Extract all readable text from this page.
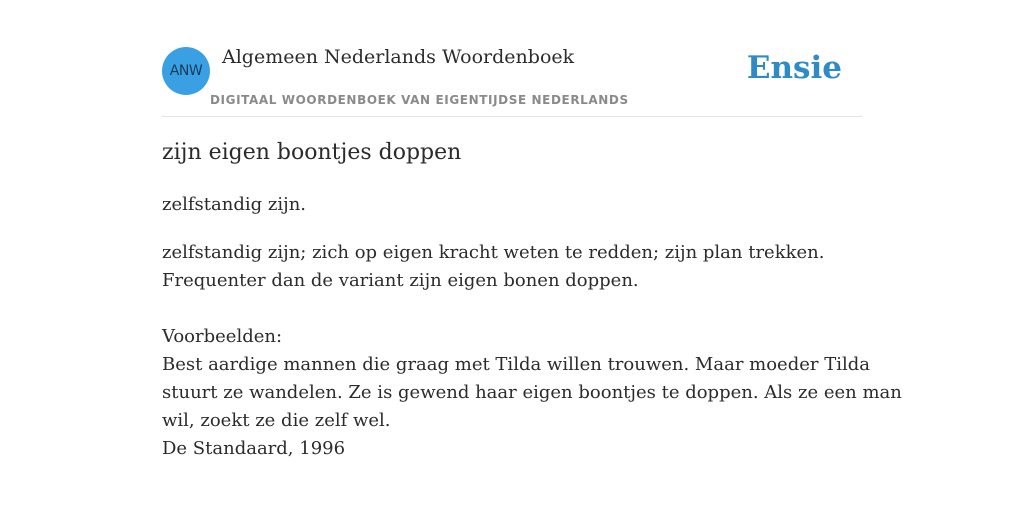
ANW
Algemeen Nederlands Woordenboek
DIGITAAL WOORDENBOEK VAN EIGENTIJDSE NEDERLANDS
Ensie
zijn eigen boontjes doppen
zelfstandig zijn.
zelfstandig zijn; zich op eigen kracht weten te redden; zijn plan trekken.
Frequenter dan de variant zijn eigen bonen doppen.
Voorbeelden:
Best aardige mannen die graag met Tilda willen trouwen. Maar moeder Tilda
stuurt ze wandelen. Ze is gewend haar eigen boontjes te doppen. Als ze een man
wil, zoekt ze die zelf wel.
De Standaard, 1996
